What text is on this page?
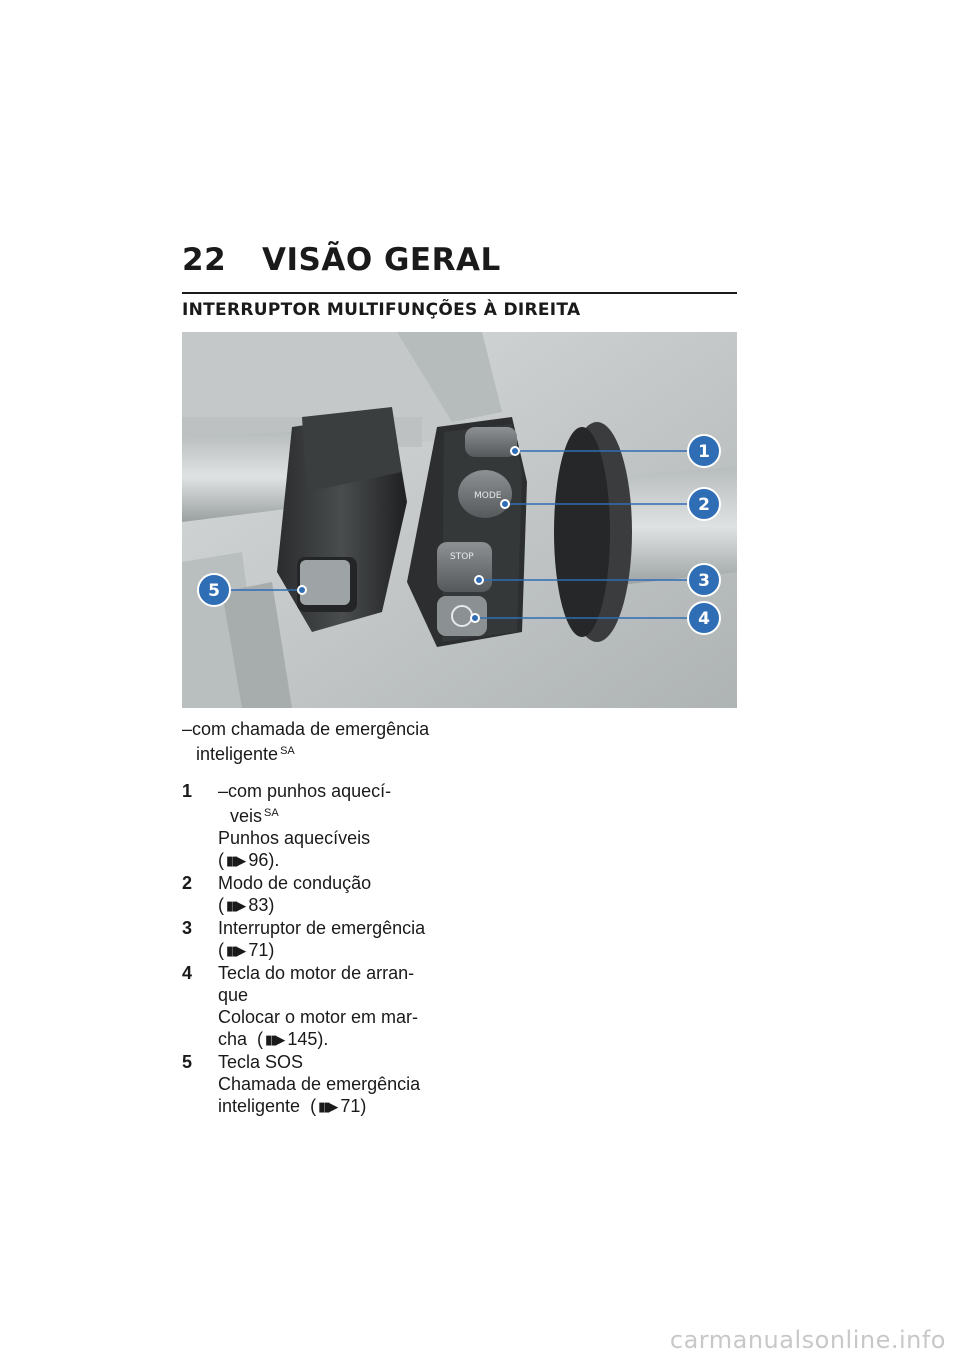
22	VISÃO GERAL
INTERRUPTOR MULTIFUNÇÕES À DIREITA
MODE
STOP
1
2
3
4
5
–com chamada de emergência
inteligente $^{SA}$
1	–com punhos aquecí-
veis $^{SA}$
Punhos aquecíveis
( ▮▮▶ 96).
2	Modo de condução
( ▮▮▶ 83)
3	Interruptor de emergência
( ▮▮▶ 71)
4	Tecla do motor de arran-
que
Colocar o motor em mar-
cha ( ▮▮▶ 145).
5	Tecla SOS
Chamada de emergência
inteligente ( ▮▮▶ 71)
carmanualsonline.info
